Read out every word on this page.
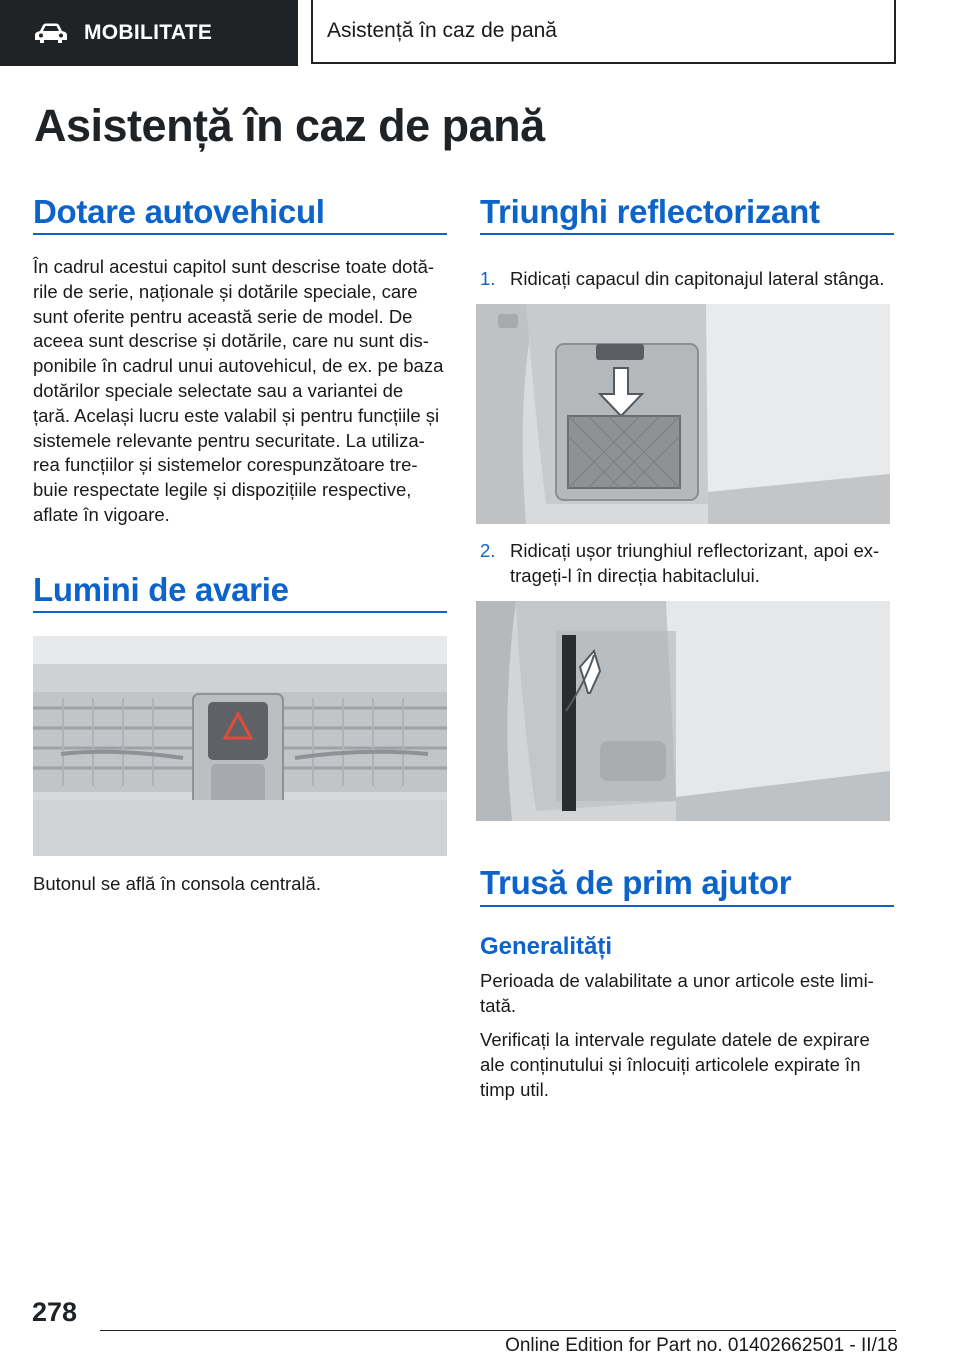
MOBILITATE	Asistență în caz de pană
Asistență în caz de pană
Dotare autovehicul
În cadrul acestui capitol sunt descrise toate dotă‐
rile de serie, naționale și dotările speciale, care
sunt oferite pentru această serie de model. De
aceea sunt descrise și dotările, care nu sunt dis‐
ponibile în cadrul unui autovehicul, de ex. pe baza
dotărilor speciale selectate sau a variantei de
țară. Același lucru este valabil și pentru funcțiile și
sistemele relevante pentru securitate. La utiliza‐
rea funcțiilor și sistemelor corespunzătoare tre‐
buie respectate legile și dispozițiile respective,
aflate în vigoare.
Lumini de avarie
Butonul se află în consola centrală.
Triunghi reflectorizant
1. Ridicați capacul din capitonajul lateral stânga.
2. Ridicați ușor triunghiul reflectorizant, apoi ex‐
trageți-l în direcția habitaclului.
Trusă de prim ajutor
Generalități
Perioada de valabilitate a unor articole este limi‐
tată.
Verificați la intervale regulate datele de expirare
ale conținutului și înlocuiți articolele expirate în
timp util.
278
Online Edition for Part no. 01402662501 - II/18
